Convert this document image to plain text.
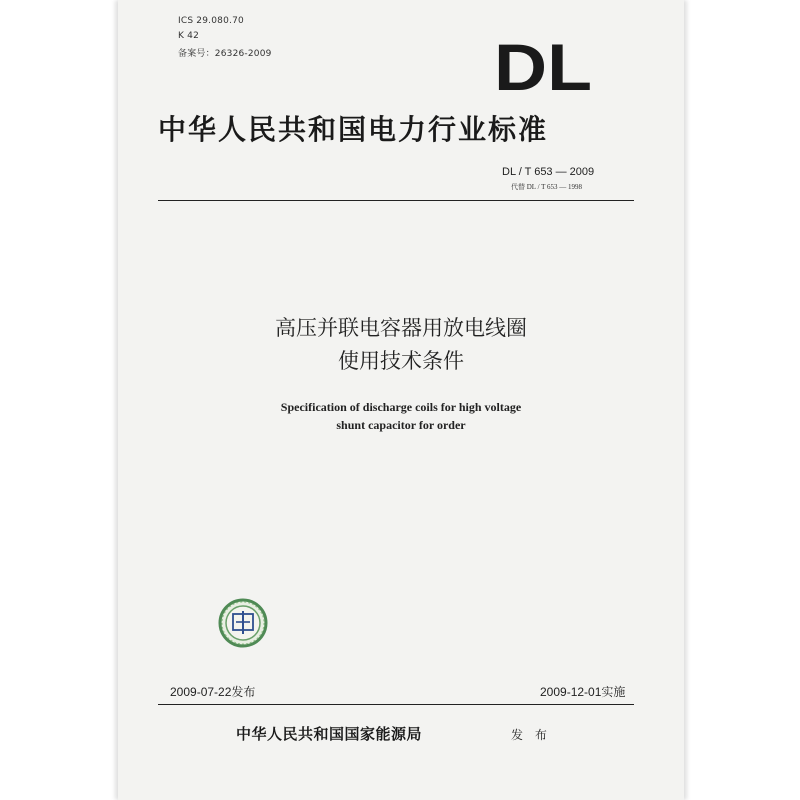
ICS 29.080.70
K 42
备案号：26326-2009	DL
中华人民共和国电力行业标准
DL / T 653 — 2009
代替 DL / T 653 — 1998
高压并联电容器用放电线圈
使用技术条件
Specification of discharge coils for high voltage
shunt capacitor for order
2009-07-22发布	2009-12-01实施
中华人民共和国国家能源局	发 布
